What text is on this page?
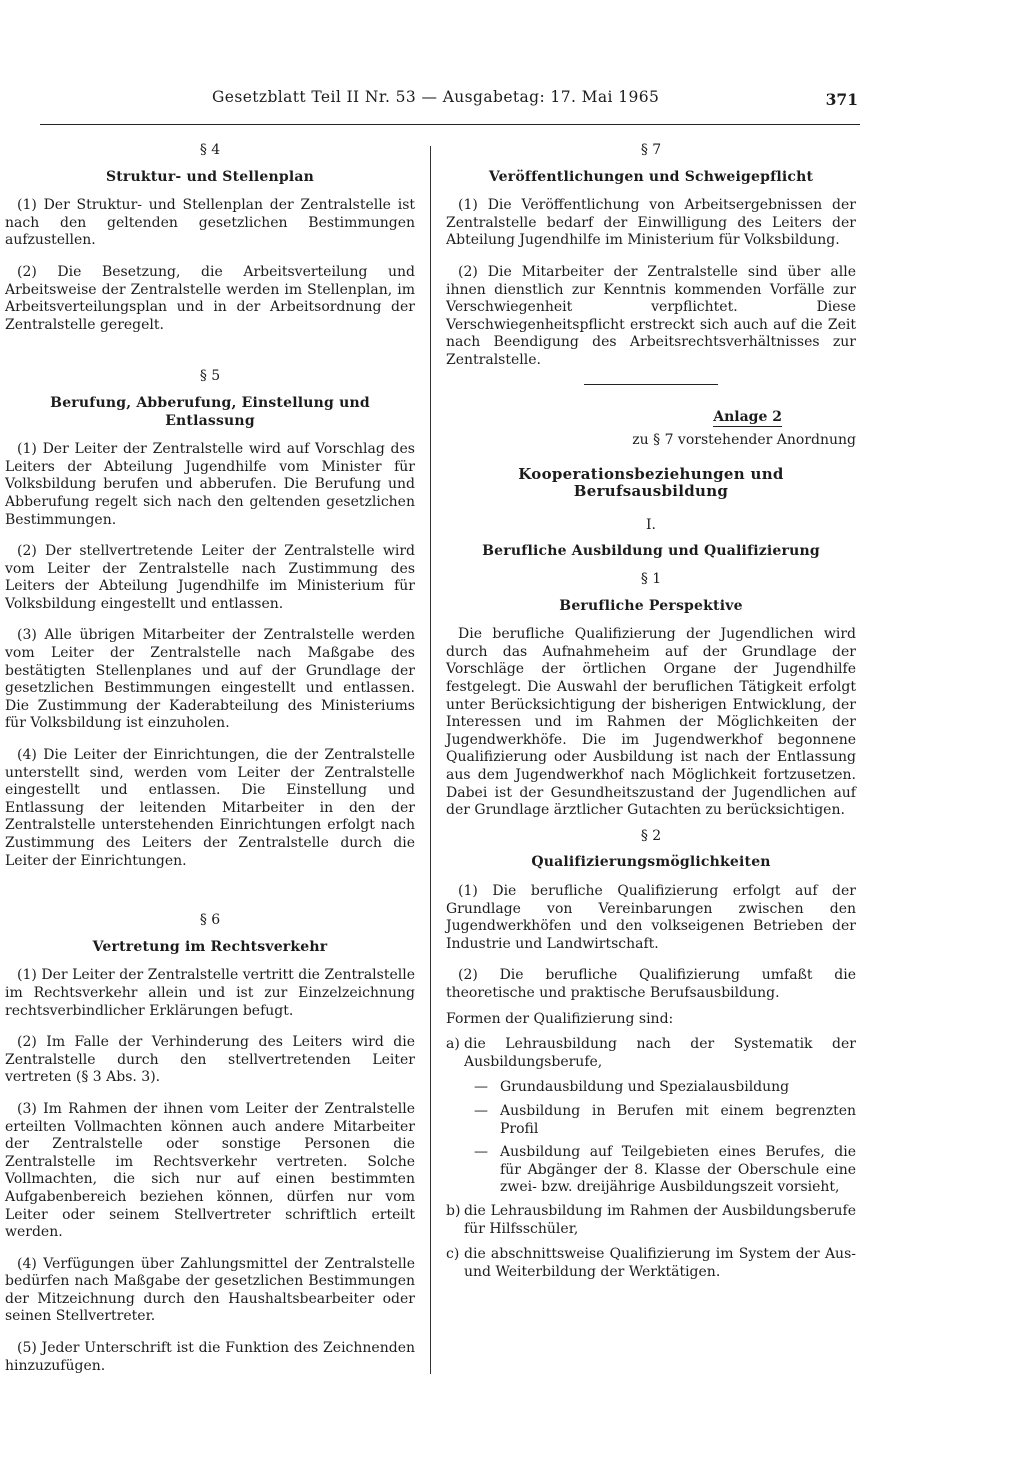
Gesetzblatt Teil II Nr. 53 — Ausgabetag: 17. Mai 1965	371
§ 4
Struktur- und Stellenplan

(1) Der Struktur- und Stellenplan der Zentralstelle ist nach den geltenden gesetzlichen Bestimmungen aufzustellen.

(2) Die Besetzung, die Arbeitsverteilung und Arbeitsweise der Zentralstelle werden im Stellenplan, im Arbeitsverteilungsplan und in der Arbeitsordnung der Zentralstelle geregelt.

§ 5
Berufung, Abberufung, Einstellung und Entlassung

(1) Der Leiter der Zentralstelle wird auf Vorschlag des Leiters der Abteilung Jugendhilfe vom Minister für Volksbildung berufen und abberufen. Die Berufung und Abberufung regelt sich nach den geltenden gesetzlichen Bestimmungen.

(2) Der stellvertretende Leiter der Zentralstelle wird vom Leiter der Zentralstelle nach Zustimmung des Leiters der Abteilung Jugendhilfe im Ministerium für Volksbildung eingestellt und entlassen.

(3) Alle übrigen Mitarbeiter der Zentralstelle werden vom Leiter der Zentralstelle nach Maßgabe des bestätigten Stellenplanes und auf der Grundlage der gesetzlichen Bestimmungen eingestellt und entlassen. Die Zustimmung der Kaderabteilung des Ministeriums für Volksbildung ist einzuholen.

(4) Die Leiter der Einrichtungen, die der Zentralstelle unterstellt sind, werden vom Leiter der Zentralstelle eingestellt und entlassen. Die Einstellung und Entlassung der leitenden Mitarbeiter in den der Zentralstelle unterstehenden Einrichtungen erfolgt nach Zustimmung des Leiters der Zentralstelle durch die Leiter der Einrichtungen.

§ 6
Vertretung im Rechtsverkehr

(1) Der Leiter der Zentralstelle vertritt die Zentralstelle im Rechtsverkehr allein und ist zur Einzelzeichnung rechtsverbindlicher Erklärungen befugt.

(2) Im Falle der Verhinderung des Leiters wird die Zentralstelle durch den stellvertretenden Leiter vertreten (§ 3 Abs. 3).

(3) Im Rahmen der ihnen vom Leiter der Zentralstelle erteilten Vollmachten können auch andere Mitarbeiter der Zentralstelle oder sonstige Personen die Zentralstelle im Rechtsverkehr vertreten. Solche Vollmachten, die sich nur auf einen bestimmten Aufgabenbereich beziehen können, dürfen nur vom Leiter oder seinem Stellvertreter schriftlich erteilt werden.

(4) Verfügungen über Zahlungsmittel der Zentralstelle bedürfen nach Maßgabe der gesetzlichen Bestimmungen der Mitzeichnung durch den Haushaltsbearbeiter oder seinen Stellvertreter.

(5) Jeder Unterschrift ist die Funktion des Zeichnenden hinzuzufügen.

§ 7
Veröffentlichungen und Schweigepflicht

(1) Die Veröffentlichung von Arbeitsergebnissen der Zentralstelle bedarf der Einwilligung des Leiters der Abteilung Jugendhilfe im Ministerium für Volksbildung.

(2) Die Mitarbeiter der Zentralstelle sind über alle ihnen dienstlich zur Kenntnis kommenden Vorfälle zur Verschwiegenheit verpflichtet. Diese Verschwiegenheitspflicht erstreckt sich auch auf die Zeit nach Beendigung des Arbeitsrechtsverhältnisses zur Zentralstelle.

Anlage 2
zu § 7 vorstehender Anordnung
Kooperationsbeziehungen und Berufsausbildung
I.
Berufliche Ausbildung und Qualifizierung
§ 1
Berufliche Perspektive

Die berufliche Qualifizierung der Jugendlichen wird durch das Aufnahmeheim auf der Grundlage der Vorschläge der örtlichen Organe der Jugendhilfe festgelegt. Die Auswahl der beruflichen Tätigkeit erfolgt unter Berücksichtigung der bisherigen Entwicklung, der Interessen und im Rahmen der Möglichkeiten der Jugendwerkhöfe. Die im Jugendwerkhof begonnene Qualifizierung oder Ausbildung ist nach der Entlassung aus dem Jugendwerkhof nach Möglichkeit fortzusetzen. Dabei ist der Gesundheitszustand der Jugendlichen auf der Grundlage ärztlicher Gutachten zu berücksichtigen.

§ 2
Qualifizierungsmöglichkeiten

(1) Die berufliche Qualifizierung erfolgt auf der Grundlage von Vereinbarungen zwischen den Jugendwerkhöfen und den volkseigenen Betrieben der Industrie und Landwirtschaft.

(2) Die berufliche Qualifizierung umfaßt die theoretische und praktische Berufsausbildung.

Formen der Qualifizierung sind:
a) die Lehrausbildung nach der Systematik der Ausbildungsberufe,
— Grundausbildung und Spezialausbildung
— Ausbildung in Berufen mit einem begrenzten Profil
— Ausbildung auf Teilgebieten eines Berufes, die für Abgänger der 8. Klasse der Oberschule eine zwei- bzw. dreijährige Ausbildungszeit vorsieht,
b) die Lehrausbildung im Rahmen der Ausbildungsberufe für Hilfsschüler,
c) die abschnittsweise Qualifizierung im System der Aus- und Weiterbildung der Werktätigen.
